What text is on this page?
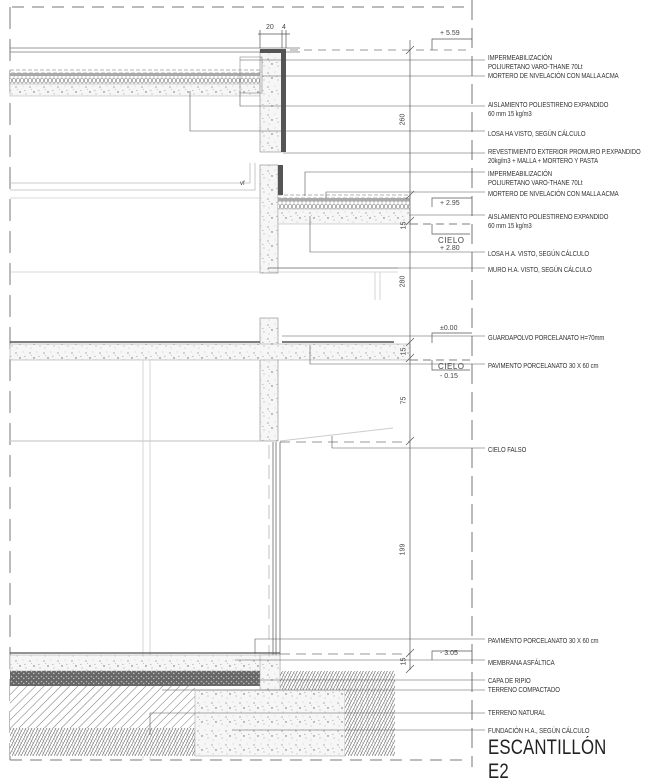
vf
20 4
260
15
280
15
75
199
15
+ 5.59
+ 2.95
+ 2.80
±0.00
- 0.15
- 3.05
CIELO
CIELO
IMPERMEABILIZACIÓN
POLIURETANO VARO-THANE 70Lt
MORTERO DE NIVELACIÓN CON MALLA ACMA
AISLAMIENTO POLIESTIRENO EXPANDIDO
60 mm 15 kg/m3
LOSA HA VISTO, SEGÚN CÁLCULO
REVESTIMIENTO EXTERIOR PROMURO P.EXPANDIDO
20kg/m3 + MALLA + MORTERO Y PASTA
IMPERMEABILIZACIÓN
POLIURETANO VARO-THANE 70Lt
MORTERO DE NIVELACIÓN CON MALLA ACMA
AISLAMIENTO POLIESTIRENO EXPANDIDO
60 mm 15 kg/m3
LOSA H.A. VISTO, SEGÚN CÁLCULO
MURO H.A. VISTO, SEGÚN CÁLCULO
GUARDAPOLVO PORCELANATO H=70mm
PAVIMENTO PORCELANATO 30 X 60 cm
CIELO FALSO
PAVIMENTO PORCELANATO 30 X 60 cm
MEMBRANA ASFÁLTICA
CAPA DE RIPIO
TERRENO COMPACTADO
TERRENO NATURAL
FUNDACIÓN H.A., SEGÚN CÁLCULO
ESCANTILLÓN E2
